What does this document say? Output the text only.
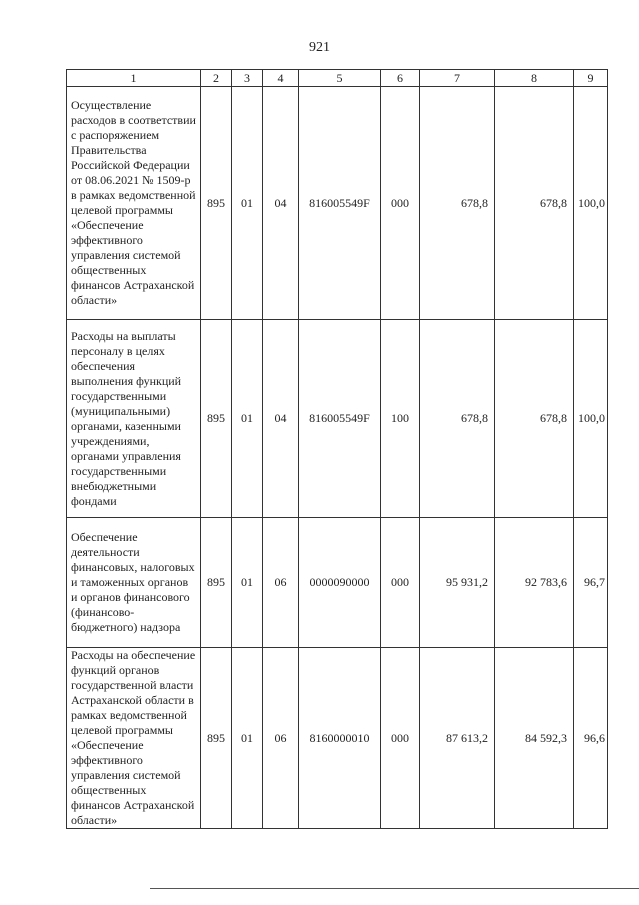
921
1	2	3	4	5	6	7	8	9
Осуществление расходов в соответствии с распоряжением Правительства Российской Федерации от 08.06.2021 № 1509-р в рамках ведомственной целевой программы «Обеспечение эффективного управления системой общественных финансов Астраханской области»	895	01	04	816005549F	000	678,8	678,8	100,0
Расходы на выплаты персоналу в целях обеспечения выполнения функций государственными (муниципальными) органами, казенными учреждениями, органами управления государственными внебюджетными фондами	895	01	04	816005549F	100	678,8	678,8	100,0
Обеспечение деятельности финансовых, налоговых и таможенных органов и органов финансового (финансово-бюджетного) надзора	895	01	06	0000090000	000	95 931,2	92 783,6	96,7
Расходы на обеспечение функций органов государственной власти Астраханской области в рамках ведомственной целевой программы «Обеспечение эффективного управления системой общественных финансов Астраханской области»	895	01	06	8160000010	000	87 613,2	84 592,3	96,6
